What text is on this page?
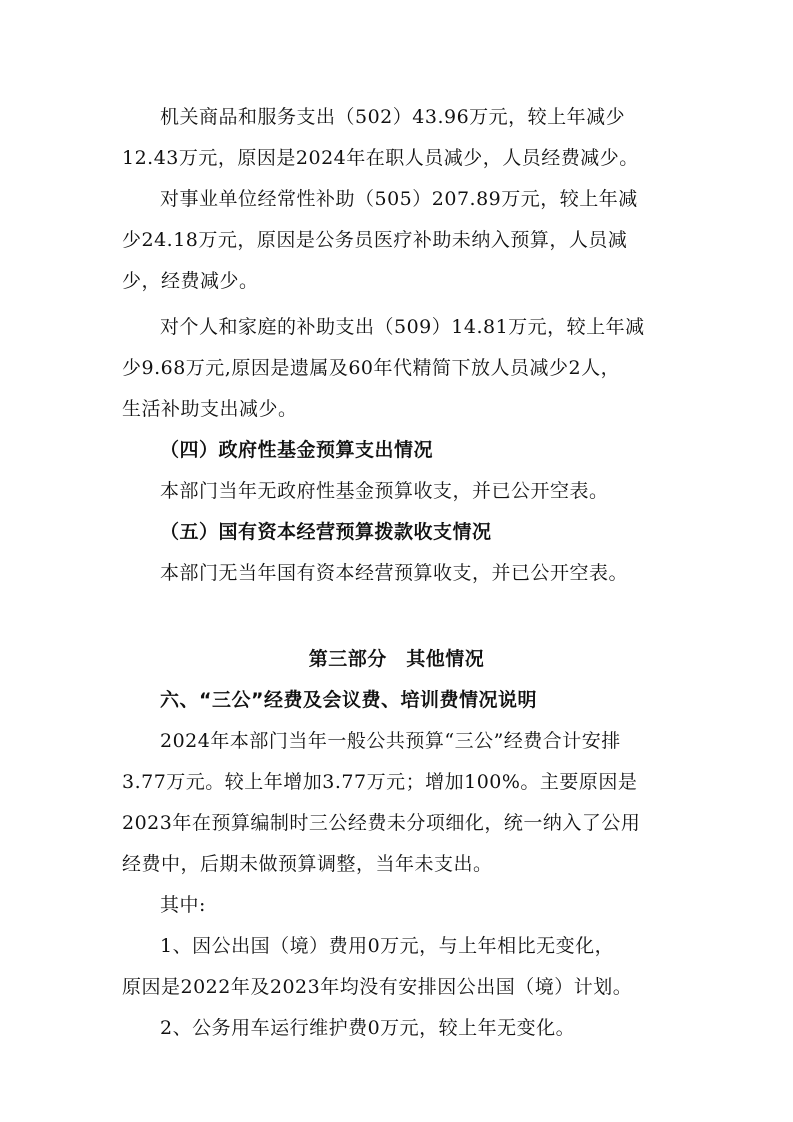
机关商品和服务支出（502）43.96万元，较上年减少
12.43万元，原因是2024年在职人员减少，人员经费减少。
对事业单位经常性补助（505）207.89万元，较上年减
少24.18万元，原因是公务员医疗补助未纳入预算，人员减
少，经费减少。
对个人和家庭的补助支出（509）14.81万元，较上年减
少9.68万元,原因是遗属及60年代精简下放人员减少2人，
生活补助支出减少。
（四）政府性基金预算支出情况
本部门当年无政府性基金预算收支，并已公开空表。
（五）国有资本经营预算拨款收支情况
本部门无当年国有资本经营预算收支，并已公开空表。
第三部分　其他情况
六、“三公”经费及会议费、培训费情况说明
2024年本部门当年一般公共预算“三公”经费合计安排
3.77万元。较上年增加3.77万元；增加100%。主要原因是
2023年在预算编制时三公经费未分项细化，统一纳入了公用
经费中，后期未做预算调整，当年未支出。
其中:
1、因公出国（境）费用0万元，与上年相比无变化，
原因是2022年及2023年均没有安排因公出国（境）计划。
2、公务用车运行维护费0万元，较上年无变化。
